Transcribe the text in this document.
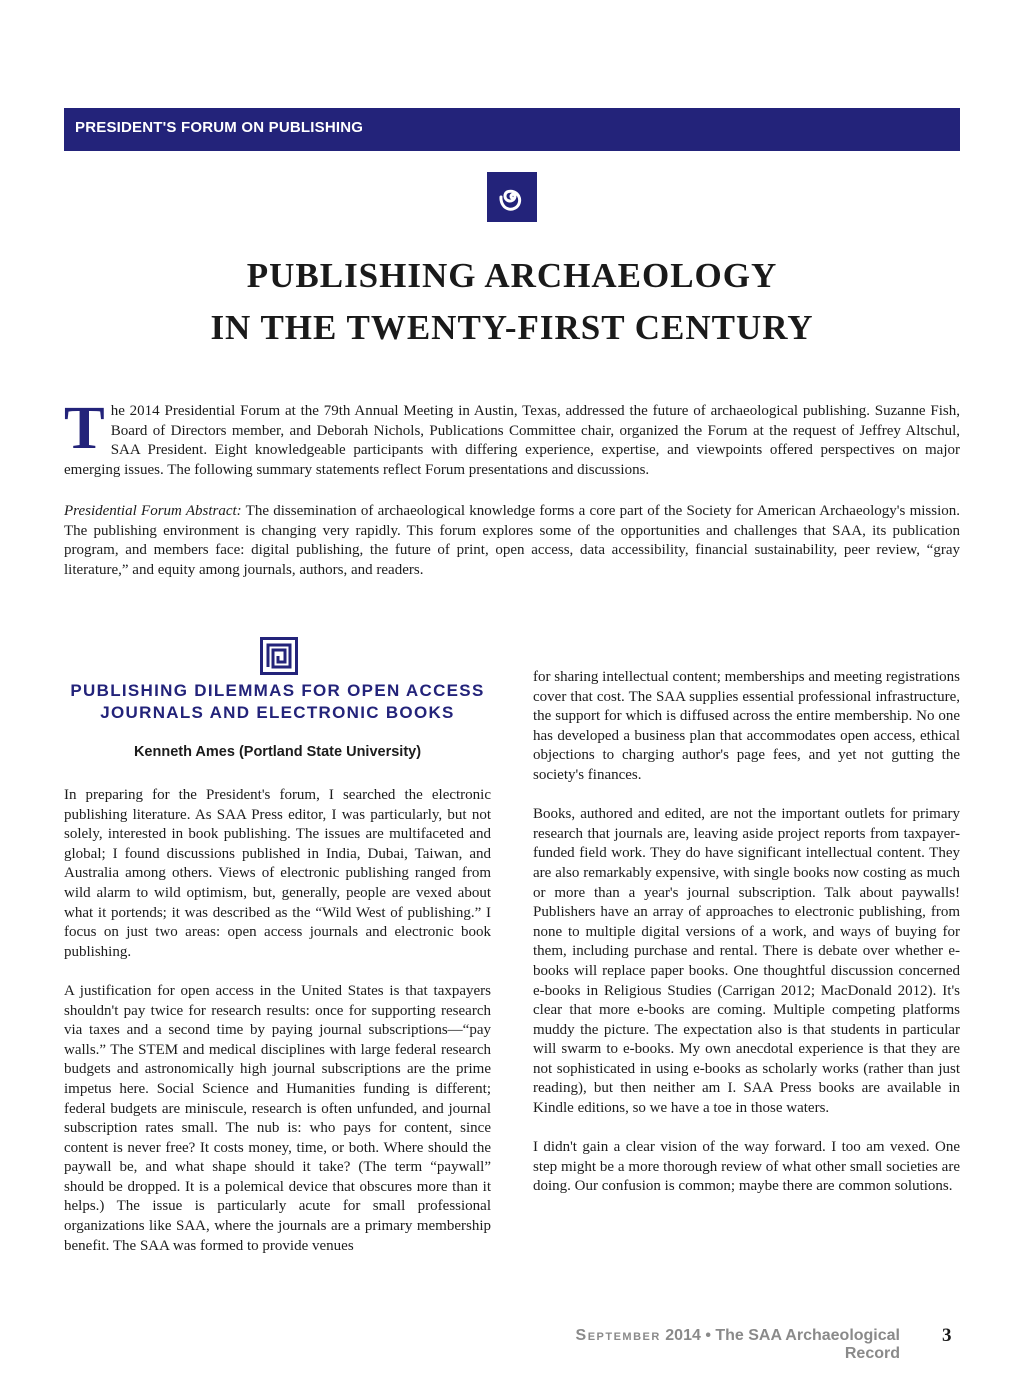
PRESIDENT'S FORUM ON PUBLISHING
PUBLISHING ARCHAEOLOGY
IN THE TWENTY-FIRST CENTURY
The 2014 Presidential Forum at the 79th Annual Meeting in Austin, Texas, addressed the future of archaeological publishing. Suzanne Fish, Board of Directors member, and Deborah Nichols, Publications Committee chair, organized the Forum at the request of Jeffrey Altschul, SAA President. Eight knowledgeable participants with differing experience, expertise, and viewpoints offered perspectives on major emerging issues. The following summary statements reflect Forum presentations and discussions.
Presidential Forum Abstract: The dissemination of archaeological knowledge forms a core part of the Society for American Archaeology's mission. The publishing environment is changing very rapidly. This forum explores some of the opportunities and challenges that SAA, its publication program, and members face: digital publishing, the future of print, open access, data accessibility, financial sustainability, peer review, “gray literature,” and equity among journals, authors, and readers.
PUBLISHING DILEMMAS FOR OPEN ACCESS
JOURNALS AND ELECTRONIC BOOKS
Kenneth Ames (Portland State University)

In preparing for the President's forum, I searched the electronic publishing literature. As SAA Press editor, I was particularly, but not solely, interested in book publishing. The issues are multifaceted and global; I found discussions published in India, Dubai, Taiwan, and Australia among others. Views of electronic publishing ranged from wild alarm to wild optimism, but, generally, people are vexed about what it portends; it was described as the “Wild West of publishing.” I focus on just two areas: open access journals and electronic book publishing.

A justification for open access in the United States is that taxpayers shouldn't pay twice for research results: once for supporting research via taxes and a second time by paying journal subscriptions—“pay walls.” The STEM and medical disciplines with large federal research budgets and astronomically high journal subscriptions are the prime impetus here. Social Science and Humanities funding is different; federal budgets are miniscule, research is often unfunded, and journal subscription rates small. The nub is: who pays for content, since content is never free? It costs money, time, or both. Where should the paywall be, and what shape should it take? (The term “paywall” should be dropped. It is a polemical device that obscures more than it helps.) The issue is particularly acute for small professional organizations like SAA, where the journals are a primary membership benefit. The SAA was formed to provide venues

for sharing intellectual content; memberships and meeting registrations cover that cost. The SAA supplies essential professional infrastructure, the support for which is diffused across the entire membership. No one has developed a business plan that accommodates open access, ethical objections to charging author's page fees, and yet not gutting the society's finances.

Books, authored and edited, are not the important outlets for primary research that journals are, leaving aside project reports from taxpayer-funded field work. They do have significant intellectual content. They are also remarkably expensive, with single books now costing as much or more than a year's journal subscription. Talk about paywalls! Publishers have an array of approaches to electronic publishing, from none to multiple digital versions of a work, and ways of buying for them, including purchase and rental. There is debate over whether e-books will replace paper books. One thoughtful discussion concerned e-books in Religious Studies (Carrigan 2012; MacDonald 2012). It's clear that more e-books are coming. Multiple competing platforms muddy the picture. The expectation also is that students in particular will swarm to e-books. My own anecdotal experience is that they are not sophisticated in using e-books as scholarly works (rather than just reading), but then neither am I. SAA Press books are available in Kindle editions, so we have a toe in those waters.

I didn't gain a clear vision of the way forward. I too am vexed. One step might be a more thorough review of what other small societies are doing. Our confusion is common; maybe there are common solutions.

September 2014 • The SAA Archaeological Record
3
